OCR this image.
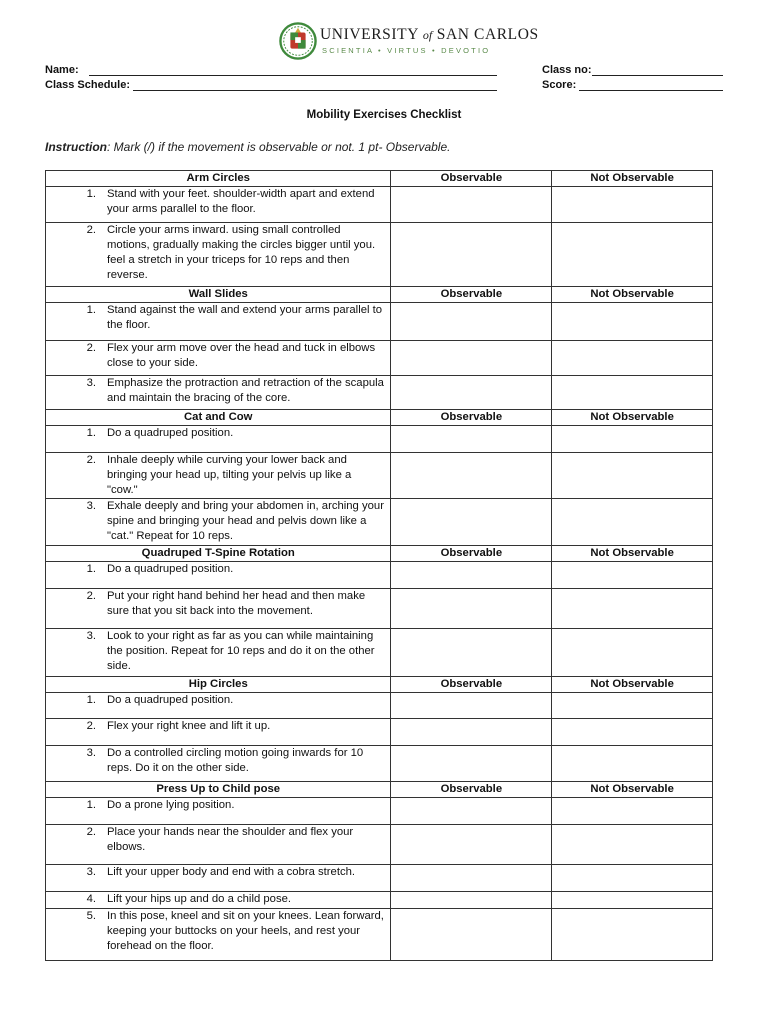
UNIVERSITY of SAN CARLOS
SCIENTIA • VIRTUS • DEVOTIO
Name:
Class Schedule:
Class no:
Score:
Mobility Exercises Checklist
Instruction: Mark (/) if the movement is observable or not. 1 pt- Observable.
Arm Circles	Observable	Not Observable

1. Stand with your feet. shoulder-width apart and extend your arms parallel to the floor.		

2. Circle your arms inward. using small controlled motions, gradually making the circles bigger until you. feel a stretch in your triceps for 10 reps and then reverse.		

Wall Slides	Observable	Not Observable

1. Stand against the wall and extend your arms parallel to the floor.		

2. Flex your arm move over the head and tuck in elbows close to your side.		

3. Emphasize the protraction and retraction of the scapula and maintain the bracing of the core.		

Cat and Cow	Observable	Not Observable

1. Do a quadruped position.		

2. Inhale deeply while curving your lower back and bringing your head up, tilting your pelvis up like a "cow."		

3. Exhale deeply and bring your abdomen in, arching your spine and bringing your head and pelvis down like a "cat." Repeat for 10 reps.		

Quadruped T-Spine Rotation	Observable	Not Observable

1. Do a quadruped position.		

2. Put your right hand behind her head and then make sure that you sit back into the movement.		

3. Look to your right as far as you can while maintaining the position. Repeat for 10 reps and do it on the other side.		

Hip Circles	Observable	Not Observable

1. Do a quadruped position.		

2. Flex your right knee and lift it up.		

3. Do a controlled circling motion going inwards for 10 reps. Do it on the other side.		

Press Up to Child pose	Observable	Not Observable

1. Do a prone lying position.		

2. Place your hands near the shoulder and flex your elbows.		

3. Lift your upper body and end with a cobra stretch.		

4. Lift your hips up and do a child pose.		

5. In this pose, kneel and sit on your knees. Lean forward, keeping your buttocks on your heels, and rest your forehead on the floor.		
